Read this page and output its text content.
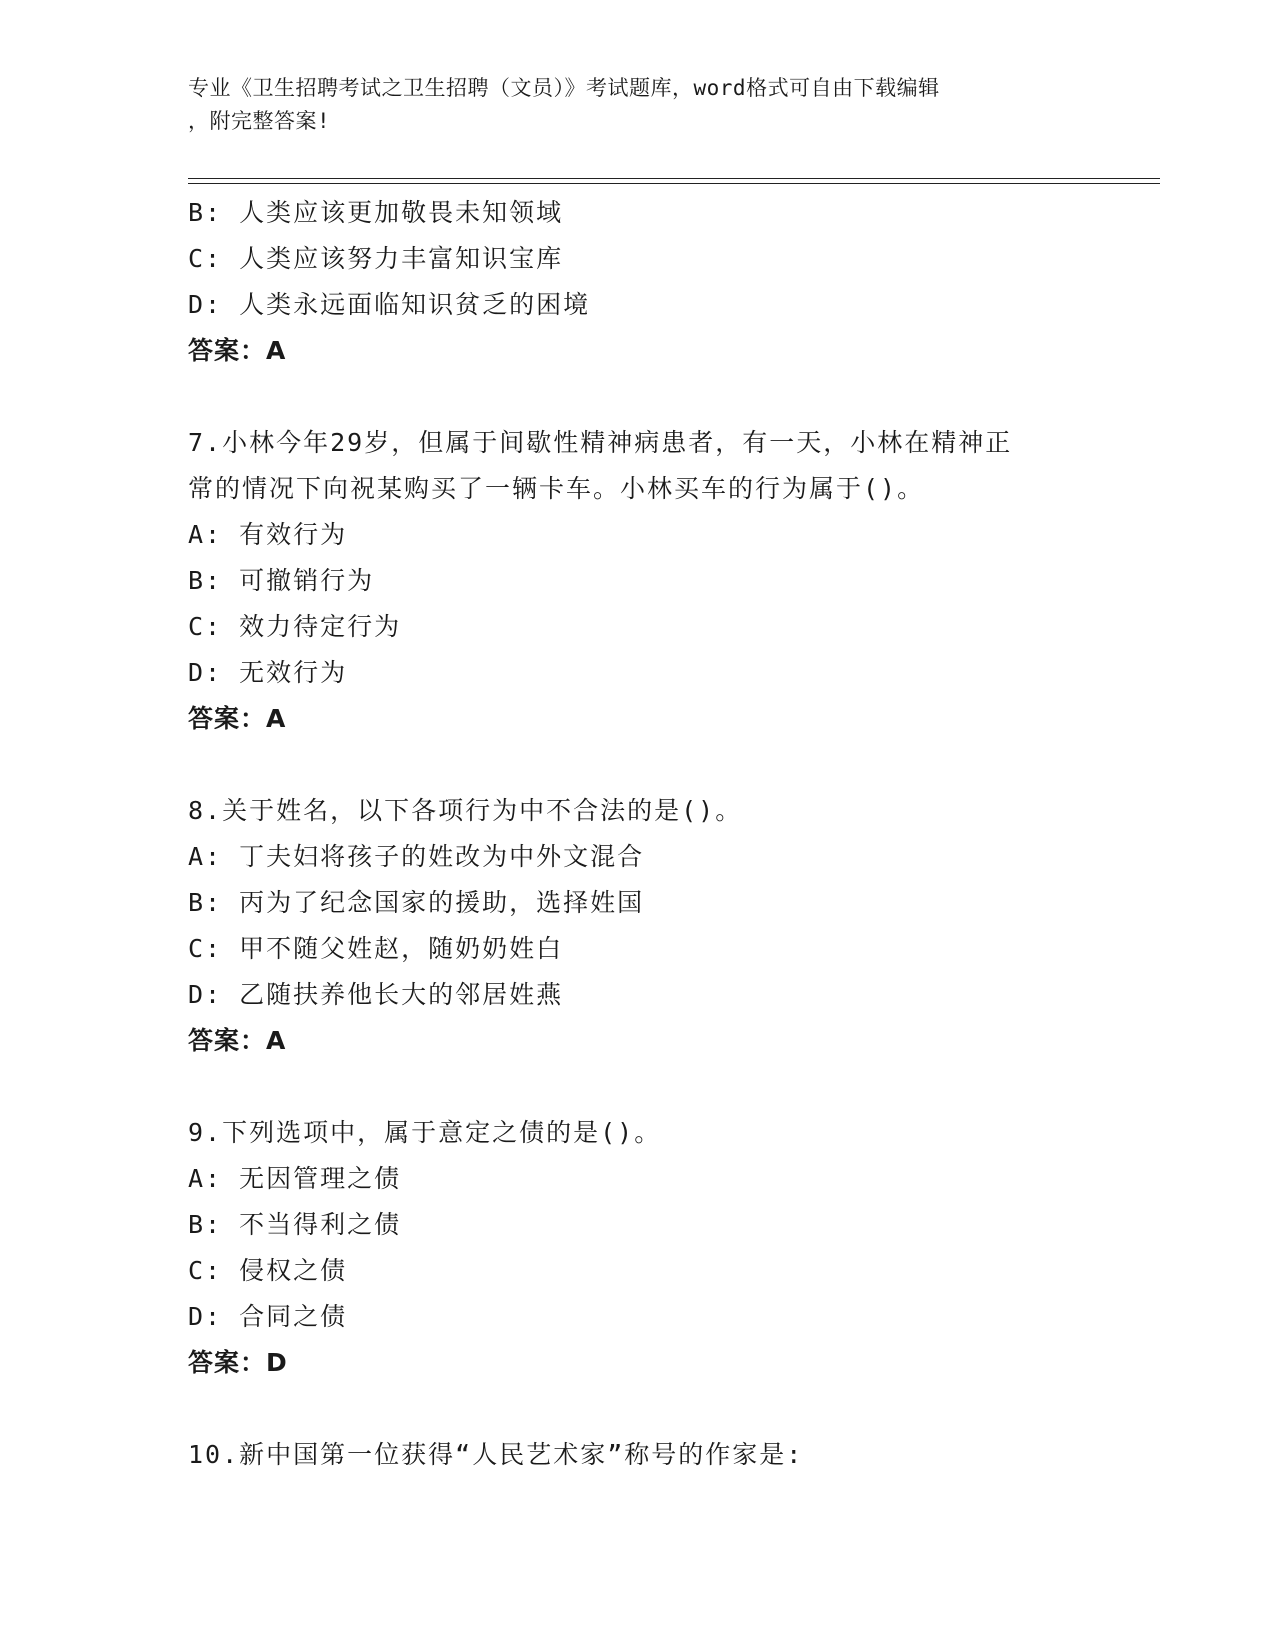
专业《卫生招聘考试之卫生招聘（文员）》考试题库，word格式可自由下载编辑
，附完整答案!
B: 人类应该更加敬畏未知领域
C: 人类应该努力丰富知识宝库
D: 人类永远面临知识贫乏的困境
答案：A
7.小林今年29岁，但属于间歇性精神病患者，有一天，小林在精神正
常的情况下向祝某购买了一辆卡车。小林买车的行为属于()。
A: 有效行为
B: 可撤销行为
C: 效力待定行为
D: 无效行为
答案：A
8.关于姓名，以下各项行为中不合法的是()。
A: 丁夫妇将孩子的姓改为中外文混合
B: 丙为了纪念国家的援助，选择姓国
C: 甲不随父姓赵，随奶奶姓白
D: 乙随扶养他长大的邻居姓燕
答案：A
9.下列选项中，属于意定之债的是()。
A: 无因管理之债
B: 不当得利之债
C: 侵权之债
D: 合同之债
答案：D
10.新中国第一位获得“人民艺术家”称号的作家是:
